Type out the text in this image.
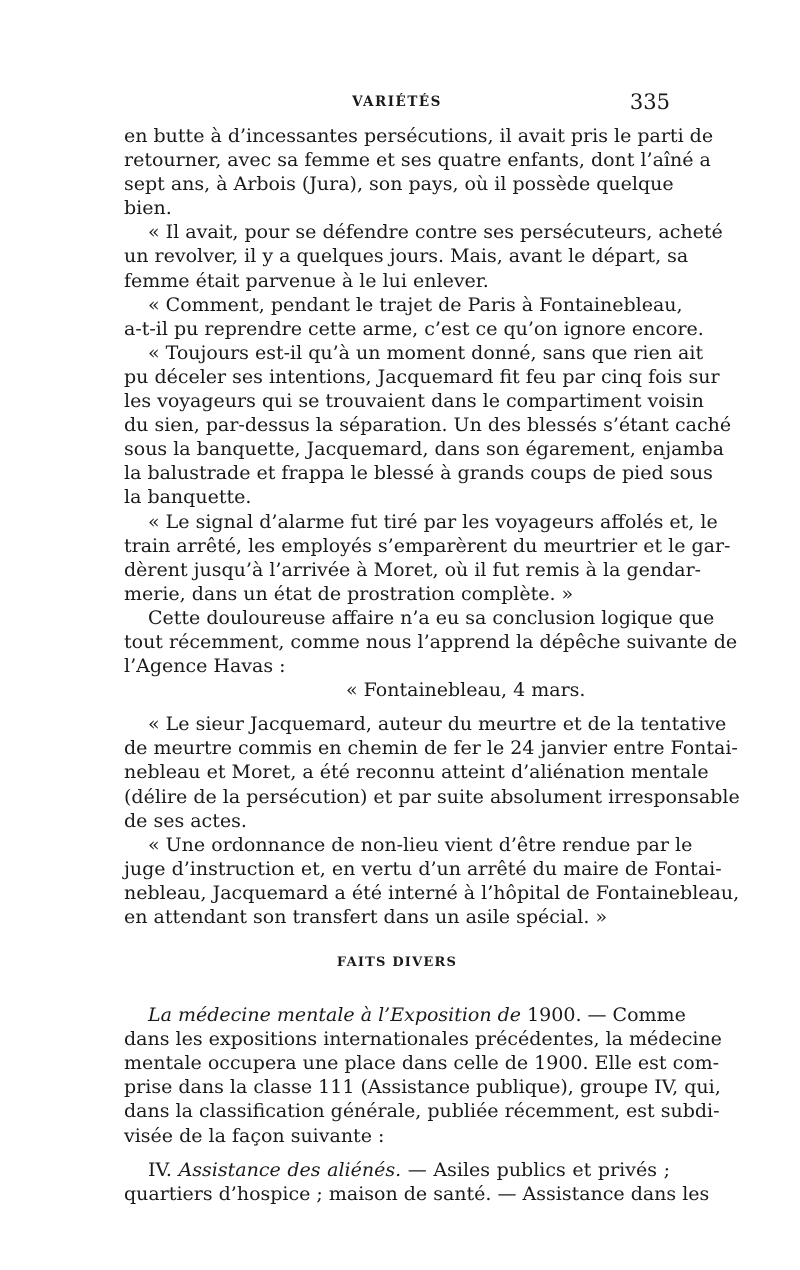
VARIÉTÉS	335
en butte à d’incessantes persécutions, il avait pris le parti de
retourner, avec sa femme et ses quatre enfants, dont l’aîné a
sept ans, à Arbois (Jura), son pays, où il possède quelque
bien.
« Il avait, pour se défendre contre ses persécuteurs, acheté
un revolver, il y a quelques jours. Mais, avant le départ, sa
femme était parvenue à le lui enlever.
« Comment, pendant le trajet de Paris à Fontainebleau,
a-t-il pu reprendre cette arme, c’est ce qu’on ignore encore.
« Toujours est-il qu’à un moment donné, sans que rien ait
pu déceler ses intentions, Jacquemard fit feu par cinq fois sur
les voyageurs qui se trouvaient dans le compartiment voisin
du sien, par-dessus la séparation. Un des blessés s’étant caché
sous la banquette, Jacquemard, dans son égarement, enjamba
la balustrade et frappa le blessé à grands coups de pied sous
la banquette.
« Le signal d’alarme fut tiré par les voyageurs affolés et, le
train arrêté, les employés s’emparèrent du meurtrier et le gar-
dèrent jusqu’à l’arrivée à Moret, où il fut remis à la gendar-
merie, dans un état de prostration complète. »
Cette douloureuse affaire n’a eu sa conclusion logique que
tout récemment, comme nous l’apprend la dépêche suivante de
l’Agence Havas :
« Fontainebleau, 4 mars.
« Le sieur Jacquemard, auteur du meurtre et de la tentative
de meurtre commis en chemin de fer le 24 janvier entre Fontai-
nebleau et Moret, a été reconnu atteint d’aliénation mentale
(délire de la persécution) et par suite absolument irresponsable
de ses actes.
« Une ordonnance de non-lieu vient d’être rendue par le
juge d’instruction et, en vertu d’un arrêté du maire de Fontai-
nebleau, Jacquemard a été interné à l’hôpital de Fontainebleau,
en attendant son transfert dans un asile spécial. »
FAITS DIVERS
La médecine mentale à l’Exposition de 1900. — Comme
dans les expositions internationales précédentes, la médecine
mentale occupera une place dans celle de 1900. Elle est com-
prise dans la classe 111 (Assistance publique), groupe IV, qui,
dans la classification générale, publiée récemment, est subdi-
visée de la façon suivante :
IV. Assistance des aliénés. — Asiles publics et privés ;
quartiers d’hospice ; maison de santé. — Assistance dans les
